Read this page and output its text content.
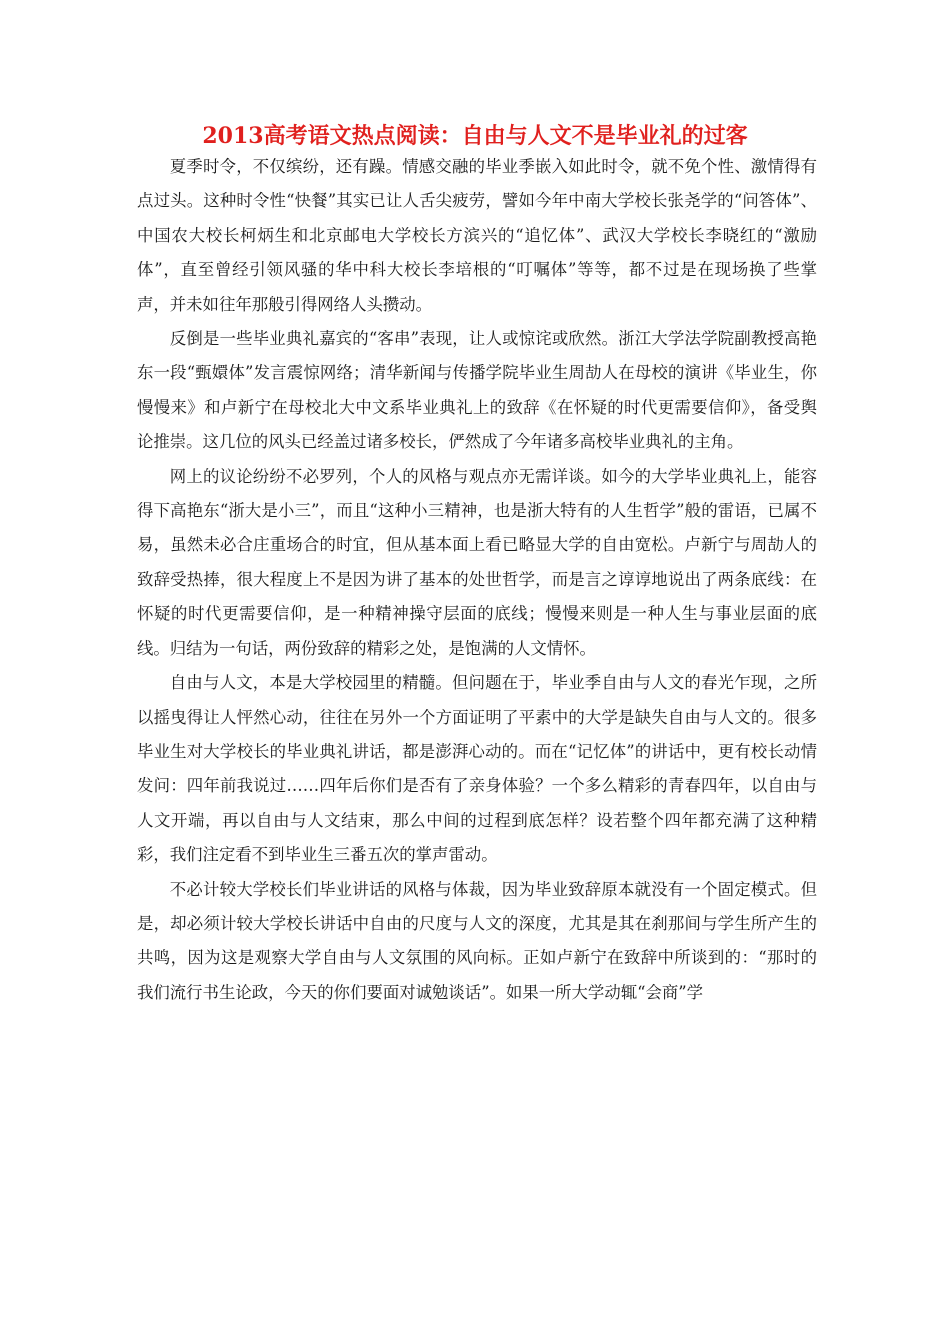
2013高考语文热点阅读：自由与人文不是毕业礼的过客

夏季时令，不仅缤纷，还有躁。情感交融的毕业季嵌入如此时令，就不免个性、激情得有点过头。这种时令性“快餐”其实已让人舌尖疲劳，譬如今年中南大学校长张尧学的“问答体”、中国农大校长柯炳生和北京邮电大学校长方滨兴的“追忆体”、武汉大学校长李晓红的“激励体”，直至曾经引领风骚的华中科大校长李培根的“叮嘱体”等等，都不过是在现场换了些掌声，并未如往年那般引得网络人头攒动。

反倒是一些毕业典礼嘉宾的“客串”表现，让人或惊诧或欣然。浙江大学法学院副教授高艳东一段“甄嬛体”发言震惊网络；清华新闻与传播学院毕业生周劼人在母校的演讲《毕业生，你慢慢来》和卢新宁在母校北大中文系毕业典礼上的致辞《在怀疑的时代更需要信仰》，备受舆论推崇。这几位的风头已经盖过诸多校长，俨然成了今年诸多高校毕业典礼的主角。

网上的议论纷纷不必罗列，个人的风格与观点亦无需详谈。如今的大学毕业典礼上，能容得下高艳东“浙大是小三”，而且“这种小三精神，也是浙大特有的人生哲学”般的雷语，已属不易，虽然未必合庄重场合的时宜，但从基本面上看已略显大学的自由宽松。卢新宁与周劼人的致辞受热捧，很大程度上不是因为讲了基本的处世哲学，而是言之谆谆地说出了两条底线：在怀疑的时代更需要信仰，是一种精神操守层面的底线；慢慢来则是一种人生与事业层面的底线。归结为一句话，两份致辞的精彩之处，是饱满的人文情怀。

自由与人文，本是大学校园里的精髓。但问题在于，毕业季自由与人文的春光乍现，之所以摇曳得让人怦然心动，往往在另外一个方面证明了平素中的大学是缺失自由与人文的。很多毕业生对大学校长的毕业典礼讲话，都是澎湃心动的。而在“记忆体”的讲话中，更有校长动情发问：四年前我说过……四年后你们是否有了亲身体验？一个多么精彩的青春四年，以自由与人文开端，再以自由与人文结束，那么中间的过程到底怎样？设若整个四年都充满了这种精彩，我们注定看不到毕业生三番五次的掌声雷动。

不必计较大学校长们毕业讲话的风格与体裁，因为毕业致辞原本就没有一个固定模式。但是，却必须计较大学校长讲话中自由的尺度与人文的深度，尤其是其在刹那间与学生所产生的共鸣，因为这是观察大学自由与人文氛围的风向标。正如卢新宁在致辞中所谈到的：“那时的我们流行书生论政，今天的你们要面对诚勉谈话”。如果一所大学动辄“会商”学
